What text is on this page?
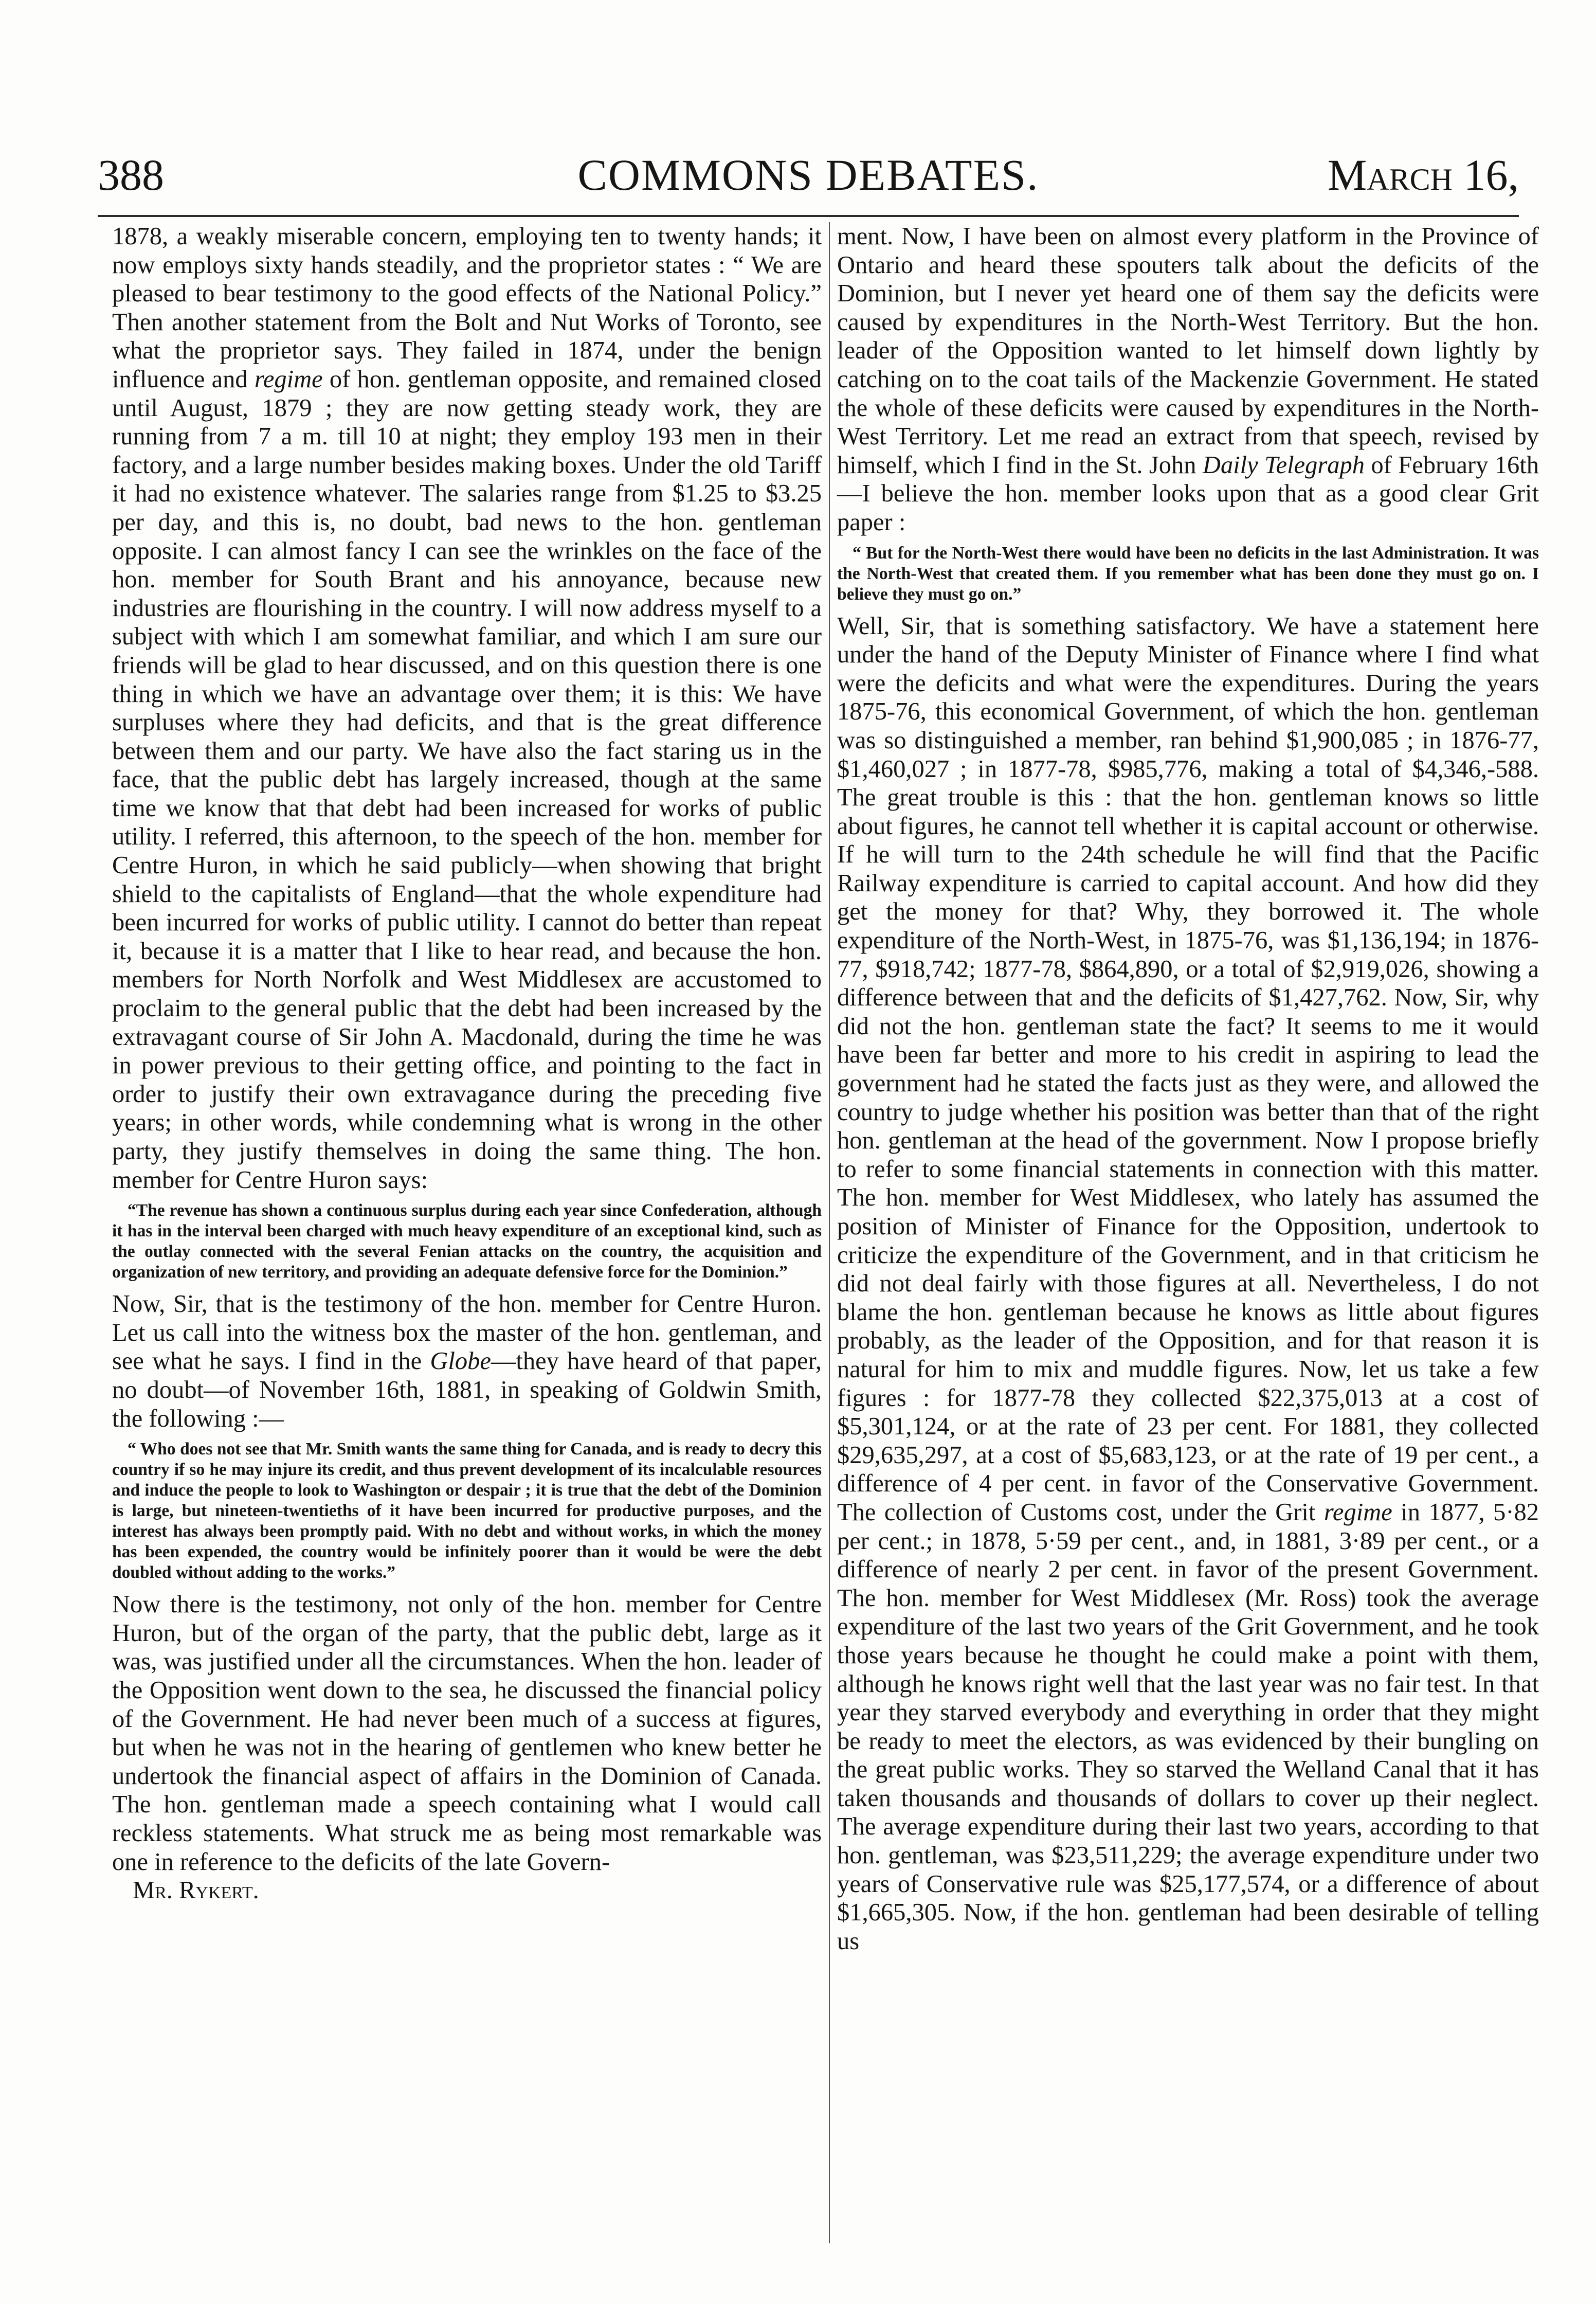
388	COMMONS DEBATES.	March 16,

1878, a weakly miserable concern, employing ten to twenty hands; it now employs sixty hands steadily, and the proprietor states : “ We are pleased to bear testimony to the good effects of the National Policy.” Then another statement from the Bolt and Nut Works of Toronto, see what the proprietor says. They failed in 1874, under the benign influence and regime of hon. gentleman opposite, and remained closed until August, 1879 ; they are now getting steady work, they are running from 7 a m. till 10 at night; they employ 193 men in their factory, and a large number besides making boxes. Under the old Tariff it had no existence whatever. The salaries range from $1.25 to $3.25 per day, and this is, no doubt, bad news to the hon. gentleman opposite. I can almost fancy I can see the wrinkles on the face of the hon. member for South Brant and his annoyance, because new industries are flourishing in the country. I will now address myself to a subject with which I am somewhat familiar, and which I am sure our friends will be glad to hear discussed, and on this question there is one thing in which we have an advantage over them; it is this: We have surpluses where they had deficits, and that is the great difference between them and our party. We have also the fact staring us in the face, that the public debt has largely increased, though at the same time we know that that debt had been increased for works of public utility. I referred, this afternoon, to the speech of the hon. member for Centre Huron, in which he said publicly—when showing that bright shield to the capitalists of England—that the whole expenditure had been incurred for works of public utility. I cannot do better than repeat it, because it is a matter that I like to hear read, and because the hon. members for North Norfolk and West Middlesex are accustomed to proclaim to the general public that the debt had been increased by the extravagant course of Sir John A. Macdonald, during the time he was in power previous to their getting office, and pointing to the fact in order to justify their own extravagance during the preceding five years; in other words, while condemning what is wrong in the other party, they justify themselves in doing the same thing. The hon. member for Centre Huron says:

“The revenue has shown a continuous surplus during each year since Confederation, although it has in the interval been charged with much heavy expenditure of an exceptional kind, such as the outlay connected with the several Fenian attacks on the country, the acquisition and organization of new territory, and providing an adequate defensive force for the Dominion.”

Now, Sir, that is the testimony of the hon. member for Centre Huron. Let us call into the witness box the master of the hon. gentleman, and see what he says. I find in the Globe—they have heard of that paper, no doubt—of November 16th, 1881, in speaking of Goldwin Smith, the following :—

“ Who does not see that Mr. Smith wants the same thing for Canada, and is ready to decry this country if so he may injure its credit, and thus prevent development of its incalculable resources and induce the people to look to Washington or despair ; it is true that the debt of the Dominion is large, but nineteen-twentieths of it have been incurred for productive purposes, and the interest has always been promptly paid. With no debt and without works, in which the money has been expended, the country would be infinitely poorer than it would be were the debt doubled without adding to the works.”

Now there is the testimony, not only of the hon. member for Centre Huron, but of the organ of the party, that the public debt, large as it was, was justified under all the circumstances. When the hon. leader of the Opposition went down to the sea, he discussed the financial policy of the Government. He had never been much of a success at figures, but when he was not in the hearing of gentlemen who knew better he undertook the financial aspect of affairs in the Dominion of Canada. The hon. gentleman made a speech containing what I would call reckless statements. What struck me as being most remarkable was one in reference to the deficits of the late Govern-

Mr. Rykert.

ment. Now, I have been on almost every platform in the Province of Ontario and heard these spouters talk about the deficits of the Dominion, but I never yet heard one of them say the deficits were caused by expenditures in the North-West Territory. But the hon. leader of the Opposition wanted to let himself down lightly by catching on to the coat tails of the Mackenzie Government. He stated the whole of these deficits were caused by expenditures in the North-West Territory. Let me read an extract from that speech, revised by himself, which I find in the St. John Daily Telegraph of February 16th—I believe the hon. member looks upon that as a good clear Grit paper :

“ But for the North-West there would have been no deficits in the last Administration. It was the North-West that created them. If you remember what has been done they must go on. I believe they must go on.”

Well, Sir, that is something satisfactory. We have a statement here under the hand of the Deputy Minister of Finance where I find what were the deficits and what were the expenditures. During the years 1875-76, this economical Government, of which the hon. gentleman was so distinguished a member, ran behind $1,900,085 ; in 1876-77, $1,460,027 ; in 1877-78, $985,776, making a total of $4,346,-588. The great trouble is this : that the hon. gentleman knows so little about figures, he cannot tell whether it is capital account or otherwise. If he will turn to the 24th schedule he will find that the Pacific Railway expenditure is carried to capital account. And how did they get the money for that? Why, they borrowed it. The whole expenditure of the North-West, in 1875-76, was $1,136,194; in 1876-77, $918,742; 1877-78, $864,890, or a total of $2,919,026, showing a difference between that and the deficits of $1,427,762. Now, Sir, why did not the hon. gentleman state the fact? It seems to me it would have been far better and more to his credit in aspiring to lead the government had he stated the facts just as they were, and allowed the country to judge whether his position was better than that of the right hon. gentleman at the head of the government. Now I propose briefly to refer to some financial statements in connection with this matter. The hon. member for West Middlesex, who lately has assumed the position of Minister of Finance for the Opposition, undertook to criticize the expenditure of the Government, and in that criticism he did not deal fairly with those figures at all. Nevertheless, I do not blame the hon. gentleman because he knows as little about figures probably, as the leader of the Opposition, and for that reason it is natural for him to mix and muddle figures. Now, let us take a few figures : for 1877-78 they collected $22,375,013 at a cost of $5,301,124, or at the rate of 23 per cent. For 1881, they collected $29,635,297, at a cost of $5,683,123, or at the rate of 19 per cent., a difference of 4 per cent. in favor of the Conservative Government. The collection of Customs cost, under the Grit regime in 1877, 5·82 per cent.; in 1878, 5·59 per cent., and, in 1881, 3·89 per cent., or a difference of nearly 2 per cent. in favor of the present Government. The hon. member for West Middlesex (Mr. Ross) took the average expenditure of the last two years of the Grit Government, and he took those years because he thought he could make a point with them, although he knows right well that the last year was no fair test. In that year they starved everybody and everything in order that they might be ready to meet the electors, as was evidenced by their bungling on the great public works. They so starved the Welland Canal that it has taken thousands and thousands of dollars to cover up their neglect. The average expenditure during their last two years, according to that hon. gentleman, was $23,511,229; the average expenditure under two years of Conservative rule was $25,177,574, or a difference of about $1,665,305. Now, if the hon. gentleman had been desirable of telling us
